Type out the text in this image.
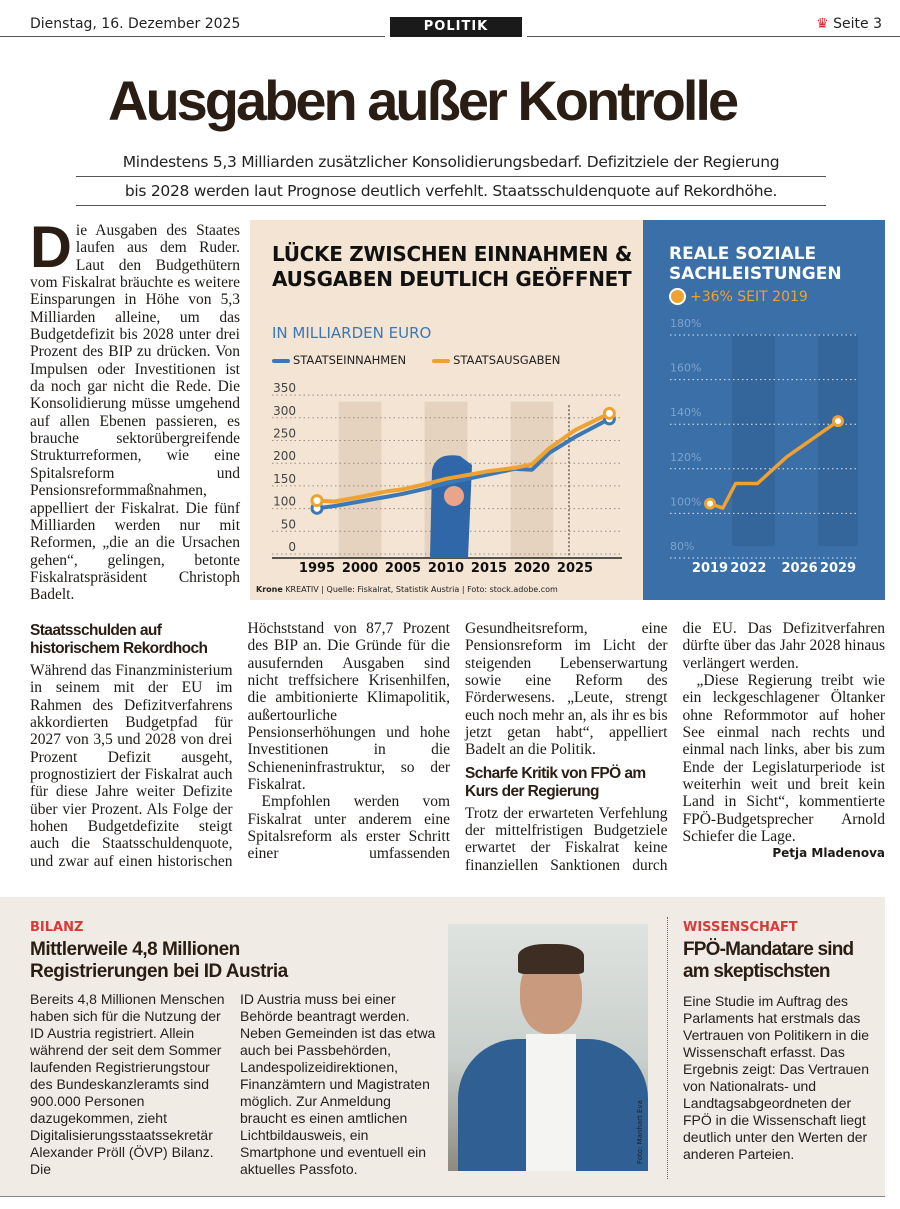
Dienstag, 16. Dezember 2025	POLITIK	♛ Seite 3
Ausgaben außer Kontrolle
Mindestens 5,3 Milliarden zusätzlicher Konsolidierungsbedarf. Defizitziele der Regierung
bis 2028 werden laut Prognose deutlich verfehlt. Staatsschuldenquote auf Rekordhöhe.
D ie Ausgaben des Staates laufen aus dem Ruder. Laut den Budgethütern vom Fiskalrat bräuchte es weitere Einsparungen in Höhe von 5,3 Milliarden alleine, um das Budgetdefizit bis 2028 unter drei Prozent des BIP zu drücken. Von Impulsen oder Investitionen ist da noch gar nicht die Rede. Die Konsolidierung müsse umgehend auf allen Ebenen passieren, es brauche sektorübergreifende Strukturreformen, wie eine Spitalsreform und Pensionsreformmaßnahmen, appelliert der Fiskalrat. Die fünf Milliarden werden nur mit Reformen, „die an die Ursachen gehen“, gelingen, betonte Fiskalratspräsident Christoph Badelt.
LÜCKE ZWISCHEN EINNAHMEN & AUSGABEN DEUTLICH GEÖFFNET
IN MILLIARDEN EURO
STAATSEINNAHMEN	STAATSAUSGABEN
350
300
250
200
150
100
50
0
1995 2000 2005 2010 2015 2020 2025
Krone KREATIV | Quelle: Fiskalrat, Statistik Austria | Foto: stock.adobe.com
REALE SOZIALE SACHLEISTUNGEN
+36% SEIT 2019
180%
160%
140%
120%
100%
80%
2019 2022 2026 2029
Staatsschulden auf historischem Rekordhoch

Während das Finanzministerium in seinem mit der EU im Rahmen des Defizitverfahrens akkordierten Budgetpfad für 2027 von 3,5 und 2028 von drei Prozent Defizit ausgeht, prognostiziert der Fiskalrat auch für diese Jahre weiter Defizite über vier Prozent. Als Folge der hohen Budgetdefizite steigt auch die Staatsschuldenquote, und zwar auf einen historischen Höchststand von 87,7 Prozent des BIP an. Die Gründe für die ausufernden Ausgaben sind nicht treffsichere Krisenhilfen, die ambitionierte Klimapolitik, außertourliche Pensionserhöhungen und hohe Investitionen in die Schieneninfrastruktur, so der Fiskalrat.

Empfohlen werden vom Fiskalrat unter anderem eine Spitalsreform als erster Schritt einer umfassenden Gesundheitsreform, eine Pensionsreform im Licht der steigenden Lebenserwartung sowie eine Reform des Förderwesens. „Leute, strengt euch noch mehr an, als ihr es bis jetzt getan habt“, appelliert Badelt an die Politik.

Scharfe Kritik von FPÖ am Kurs der Regierung

Trotz der erwarteten Verfehlung der mittelfristigen Budgetziele erwartet der Fiskalrat keine finanziellen Sanktionen durch die EU. Das Defizitverfahren dürfte über das Jahr 2028 hinaus verlängert werden.

„Diese Regierung treibt wie ein leckgeschlagener Öltanker ohne Reformmotor auf hoher See einmal nach rechts und einmal nach links, aber bis zum Ende der Legislaturperiode ist weiterhin weit und breit kein Land in Sicht“, kommentierte FPÖ-Budgetsprecher Arnold Schiefer die Lage.

Petja Mladenova
BILANZ
Mittlerweile 4,8 Millionen Registrierungen bei ID Austria
Bereits 4,8 Millionen Menschen haben sich für die Nutzung der ID Austria registriert. Allein während der seit dem Sommer laufenden Registrierungstour des Bundeskanzleramts sind 900.000 Personen dazugekommen, zieht Digitalisierungsstaatssekretär Alexander Pröll (ÖVP) Bilanz. Die
ID Austria muss bei einer Behörde beantragt werden. Neben Gemeinden ist das etwa auch bei Passbehörden, Landespolizeidirektionen, Finanzämtern und Magistraten möglich. Zur Anmeldung braucht es einen amtlichen Lichtbildausweis, ein Smartphone und eventuell ein aktuelles Passfoto.
Foto: Manhart Eva
WISSENSCHAFT
FPÖ-Mandatare sind am skeptischsten
Eine Studie im Auftrag des Parlaments hat erstmals das Vertrauen von Politikern in die Wissenschaft erfasst. Das Ergebnis zeigt: Das Vertrauen von Nationalrats- und Landtagsabgeordneten der FPÖ in die Wissenschaft liegt deutlich unter den Werten der anderen Parteien.
